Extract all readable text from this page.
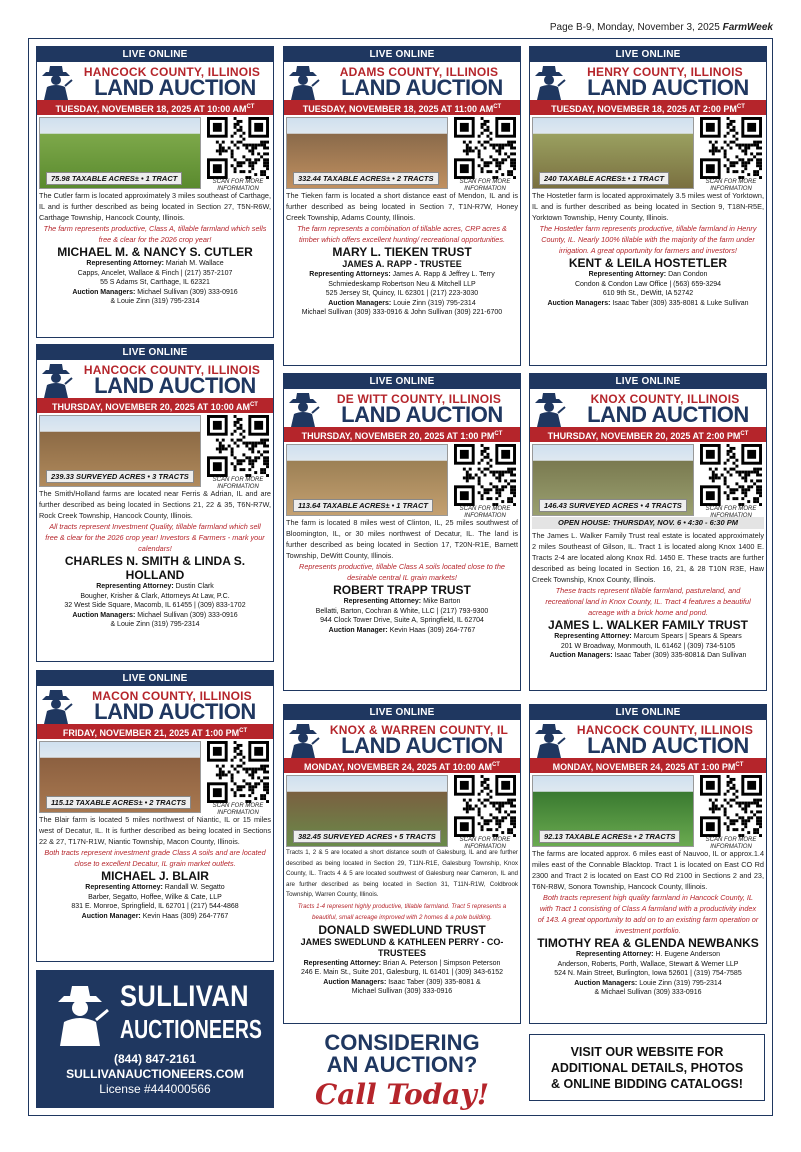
Page B-9, Monday, November 3, 2025 FarmWeek
LIVE ONLINE
HANCOCK COUNTY, ILLINOIS
LAND AUCTION
TUESDAY, NOVEMBER 18, 2025 AT 10:00 $AM^{CT}$
75.98 TAXABLE ACRES± • 1 TRACT	SCAN FOR MORE INFORMATION
The Cutler farm is located approximately 3 miles southeast of Carthage, IL and is further described as being located in Section 27, T5N-R6W, Carthage Township, Hancock County, Illinois.
The farm represents productive, Class A, tillable farmland which sells free & clear for the 2026 crop year!
MICHAEL M. & NANCY S. CUTLER
Representing Attorney: Mariah M. Wallace
Capps, Ancelet, Wallace & Finch | (217) 357-2107
55 S Adams St, Carthage, IL 62321
Auction Managers: Michael Sullivan (309) 333-0916
& Louie Zinn (319) 795-2314
LIVE ONLINE
ADAMS COUNTY, ILLINOIS
LAND AUCTION
TUESDAY, NOVEMBER 18, 2025 AT 11:00 $AM^{CT}$
332.44 TAXABLE ACRES± • 2 TRACTS	SCAN FOR MORE INFORMATION
The Tieken farm is located a short distance east of Mendon, IL and is further described as being located in Section 7, T1N-R7W, Honey Creek Township, Adams County, Illinois.
The farm represents a combination of tillable acres, CRP acres & timber which offers excellent hunting/ recreational opportunities.
MARY L. TIEKEN TRUST
JAMES A. RAPP - TRUSTEE
Representing Attorneys: James A. Rapp & Jeffrey L. Terry
Schmiedeskamp Robertson Neu & Mitchell LLP
525 Jersey St, Quincy, IL 62301 | (217) 223-3030
Auction Managers: Louie Zinn (319) 795-2314
Michael Sullivan (309) 333-0916 & John Sullivan (309) 221-6700
LIVE ONLINE
HENRY COUNTY, ILLINOIS
LAND AUCTION
TUESDAY, NOVEMBER 18, 2025 AT 2:00 $PM^{CT}$
240 TAXABLE ACRES± • 1 TRACT	SCAN FOR MORE INFORMATION
The Hostetler farm is located approximately 3.5 miles west of Yorktown, IL and is further described as being located in Section 9, T18N-R5E, Yorktown Township, Henry County, Illinois.
The Hostetler farm represents productive, tillable farmland in Henry County, IL. Nearly 100% tillable with the majority of the farm under irrigation. A great opportunity for farmers and investors!
KENT & LEILA HOSTETLER
Representing Attorney: Dan Condon
Condon & Condon Law Office | (563) 659-3294
610 9th St., DeWitt, IA 52742
Auction Managers: Isaac Taber (309) 335-8081 & Luke Sullivan
LIVE ONLINE
HANCOCK COUNTY, ILLINOIS
LAND AUCTION
THURSDAY, NOVEMBER 20, 2025 AT 10:00 $AM^{CT}$
239.33 SURVEYED ACRES • 3 TRACTS	SCAN FOR MORE INFORMATION
The Smith/Holland farms are located near Ferris & Adrian, IL and are further described as being located in Sections 21, 22 & 35, T6N-R7W, Rock Creek Township, Hancock County, Illinois.
All tracts represent Investment Quality, tillable farmland which sell free & clear for the 2026 crop year! Investors & Farmers - mark your calendars!
CHARLES N. SMITH & LINDA S. HOLLAND
Representing Attorney: Dustin Clark
Bougher, Krisher & Clark, Attorneys At Law, P.C.
32 West Side Square, Macomb, IL 61455 | (309) 833-1702
Auction Managers: Michael Sullivan (309) 333-0916
& Louie Zinn (319) 795-2314
LIVE ONLINE
DE WITT COUNTY, ILLINOIS
LAND AUCTION
THURSDAY, NOVEMBER 20, 2025 AT 1:00 $PM^{CT}$
113.64 TAXABLE ACRES± • 1 TRACT	SCAN FOR MORE INFORMATION
The farm is located 8 miles west of Clinton, IL, 25 miles southwest of Bloomington, IL, or 30 miles northwest of Decatur, IL. The land is further described as being located in Section 17, T20N-R1E, Barnett Township, DeWitt County, Illinois.
Represents productive, tillable Class A soils located close to the desirable central IL grain markets!
ROBERT TRAPP TRUST
Representing Attorney: Mike Barton
Bellatti, Barton, Cochran & White, LLC | (217) 793-9300
944 Clock Tower Drive, Suite A, Springfield, IL 62704
Auction Manager: Kevin Haas (309) 264-7767
LIVE ONLINE
KNOX COUNTY, ILLINOIS
LAND AUCTION
THURSDAY, NOVEMBER 20, 2025 AT 2:00 $PM^{CT}$
146.43 SURVEYED ACRES • 4 TRACTS	SCAN FOR MORE INFORMATION
OPEN HOUSE: THURSDAY, NOV. 6 • 4:30 - 6:30 PM
The James L. Walker Family Trust real estate is located approximately 2 miles Southeast of Gilson, IL. Tract 1 is located along Knox 1400 E. Tracts 2-4 are located along Knox Rd. 1450 E. These tracts are further described as being located in Section 16, 21, & 28 T10N R3E, Haw Creek Township, Knox County, Illinois.
These tracts represent tillable farmland, pastureland, and recreational land in Knox County, IL. Tract 4 features a beautiful acreage with a brick home and pond.
JAMES L. WALKER FAMILY TRUST
Representing Attorney: Marcum Spears | Spears & Spears
201 W Broadway, Monmouth, IL 61462 | (309) 734-5105
Auction Managers: Isaac Taber (309) 335-8081& Dan Sullivan
LIVE ONLINE
MACON COUNTY, ILLINOIS
LAND AUCTION
FRIDAY, NOVEMBER 21, 2025 AT 1:00 $PM^{CT}$
115.12 TAXABLE ACRES± • 2 TRACTS	SCAN FOR MORE INFORMATION
The Blair farm is located 5 miles northwest of Niantic, IL or 15 miles west of Decatur, IL. It is further described as being located in Sections 22 & 27, T17N-R1W, Niantic Township, Macon County, Illinois.
Both tracts represent investment grade Class A soils and are located close to excellent Decatur, IL grain market outlets.
MICHAEL J. BLAIR
Representing Attorney: Randall W. Segatto
Barber, Segatto, Hoffee, Wilke & Cate, LLP
831 E. Monroe, Springfield, IL 62701 | (217) 544-4868
Auction Manager: Kevin Haas (309) 264-7767
LIVE ONLINE
KNOX & WARREN COUNTY, IL
LAND AUCTION
MONDAY, NOVEMBER 24, 2025 AT 10:00 $AM^{CT}$
382.45 SURVEYED ACRES • 5 TRACTS	SCAN FOR MORE INFORMATION
Tracts 1, 2 & 5 are located a short distance south of Galesburg, IL and are further described as being located in Section 29, T11N-R1E, Galesburg Township, Knox County, IL. Tracts 4 & 5 are located southwest of Galesburg near Cameron, IL and are further described as being located in Section 31, T11N-R1W, Coldbrook Township, Warren County, Illinois.
Tracts 1-4 represent highly productive, tillable farmland. Tract 5 represents a beautiful, small acreage improved with 2 homes & a pole building.
DONALD SWEDLUND TRUST
JAMES SWEDLUND & KATHLEEN PERRY - CO-TRUSTEES
Representing Attorney: Brian A. Peterson | Simpson Peterson
246 E. Main St., Suite 201, Galesburg, IL 61401 | (309) 343-6152
Auction Managers: Isaac Taber (309) 335-8081 &
Michael Sullivan (309) 333-0916
LIVE ONLINE
HANCOCK COUNTY, ILLINOIS
LAND AUCTION
MONDAY, NOVEMBER 24, 2025 AT 1:00 $PM^{CT}$
92.13 TAXABLE ACRES± • 2 TRACTS	SCAN FOR MORE INFORMATION
The farms are located approx. 6 miles east of Nauvoo, IL or approx.1.4 miles east of the Connable Blacktop. Tract 1 is located on East CO Rd 2300 and Tract 2 is located on East CO Rd 2100 in Sections 2 and 23, T6N-R8W, Sonora Township, Hancock County, Illinois.
Both tracts represent high quality farmland in Hancock County, IL with Tract 1 consisting of Class A farmland with a productivity index of 143. A great opportunity to add on to an existing farm operation or investment portfolio.
TIMOTHY REA & GLENDA NEWBANKS
Representing Attorney: H. Eugene Anderson
Anderson, Roberts, Porth, Wallace, Stewart & Werner LLP
524 N. Main Street, Burlington, Iowa 52601 | (319) 754-7585
Auction Managers: Louie Zinn (319) 795-2314
& Michael Sullivan (309) 333-0916
SULLIVAN
AUCTIONEERS
(844) 847-2161
SULLIVANAUCTIONEERS.COM
License #444000566
CONSIDERING
AN AUCTION?
Call Today!
VISIT OUR WEBSITE FOR
ADDITIONAL DETAILS, PHOTOS
& ONLINE BIDDING CATALOGS!
